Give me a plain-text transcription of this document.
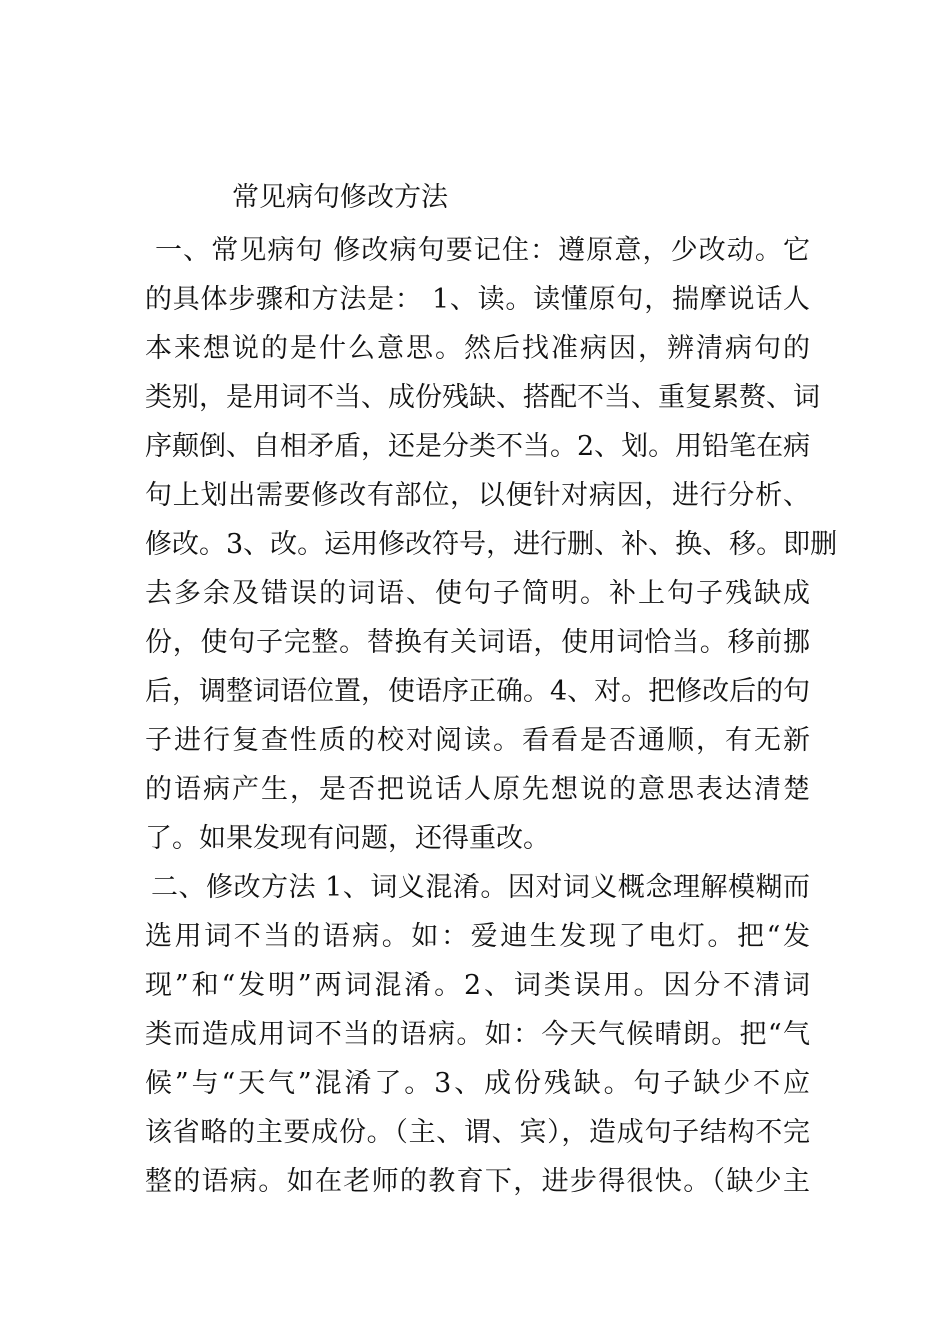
常见病句修改方法
一、常见病句 修改病句要记住：遵原意，少改动。它
的具体步骤和方法是： 1、读。读懂原句，揣摩说话人
本来想说的是什么意思。然后找准病因，辨清病句的
类别，是用词不当、成份残缺、搭配不当、重复累赘、词
序颠倒、自相矛盾，还是分类不当。2、划。用铅笔在病
句上划出需要修改有部位，以便针对病因，进行分析、
修改。3、改。运用修改符号，进行删、补、换、移。即删
去多余及错误的词语、使句子简明。补上句子残缺成
份，使句子完整。替换有关词语，使用词恰当。移前挪
后，调整词语位置，使语序正确。4、对。把修改后的句
子进行复查性质的校对阅读。看看是否通顺，有无新
的语病产生，是否把说话人原先想说的意思表达清楚
了。如果发现有问题，还得重改。
二、修改方法 1、词义混淆。因对词义概念理解模糊而
选用词不当的语病。如：爱迪生发现了电灯。把“发
现”和“发明”两词混淆。2、词类误用。因分不清词
类而造成用词不当的语病。如：今天气候晴朗。把“气
候”与“天气”混淆了。3、成份残缺。句子缺少不应
该省略的主要成份。（主、谓、宾），造成句子结构不完
整的语病。如在老师的教育下，进步得很快。（缺少主
